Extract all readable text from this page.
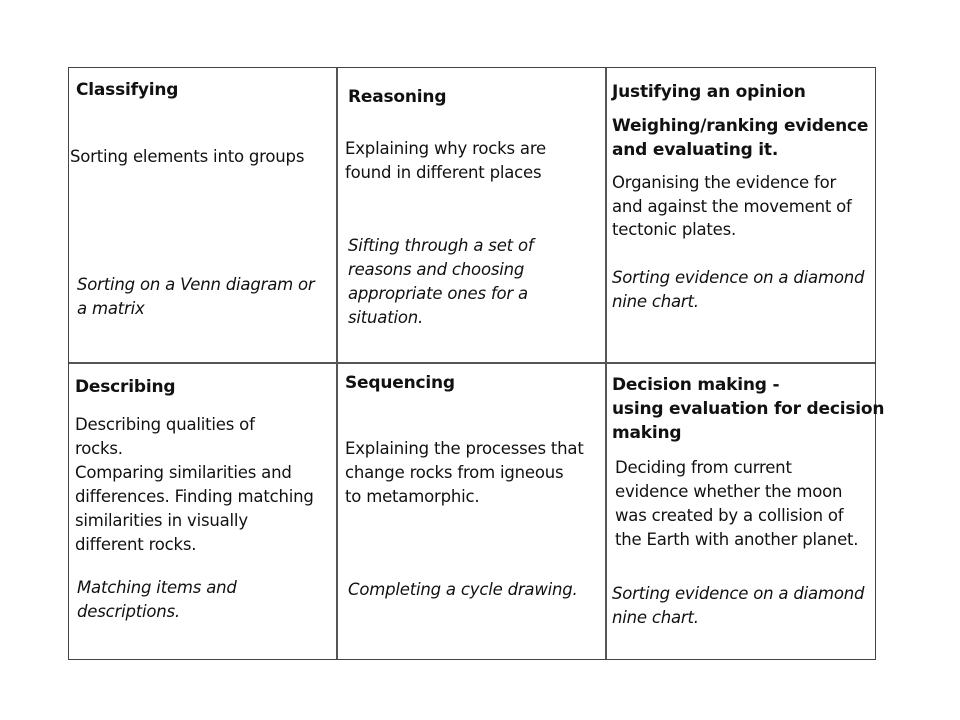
Classifying
Sorting elements into groups
Sorting on a Venn diagram or
a matrix
Reasoning
Explaining why rocks are
found in different places
Sifting through a set of
reasons and choosing
appropriate ones for a
situation.
Justifying an opinion
Weighing/ranking evidence
and evaluating it.
Organising the evidence for
and against the movement of
tectonic plates.
Sorting evidence on a diamond
nine chart.
Describing
Describing qualities of
rocks.
Comparing similarities and
differences. Finding matching
similarities in visually
different rocks.
Matching items and
descriptions.
Sequencing
Explaining the processes that
change rocks from igneous
to metamorphic.
Completing a cycle drawing.
Decision making -
using evaluation for decision
making
Deciding from current
evidence whether the moon
was created by a collision of
the Earth with another planet.
Sorting evidence on a diamond
nine chart.
